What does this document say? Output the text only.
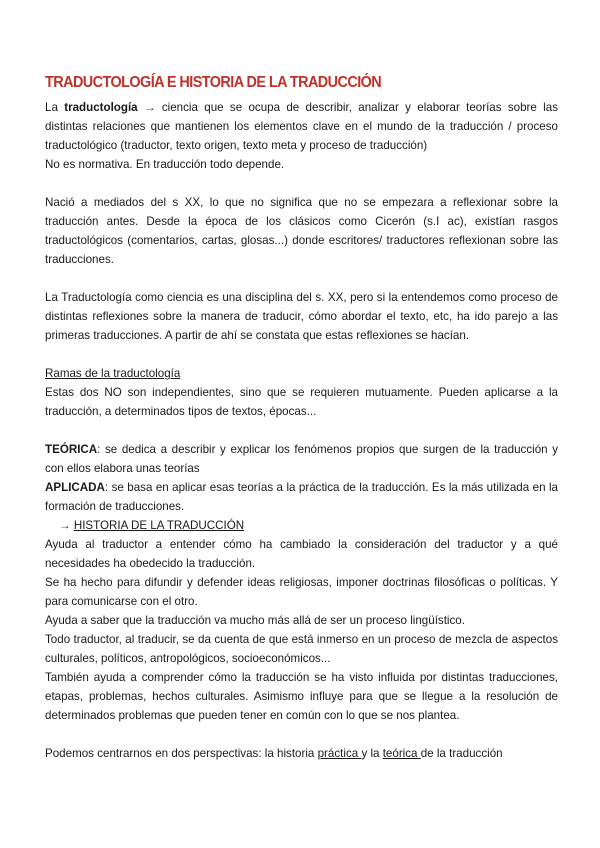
TRADUCTOLOGÍA E HISTORIA DE LA TRADUCCIÓN

La traductología → ciencia que se ocupa de describir, analizar y elaborar teorías sobre las distintas relaciones que mantienen los elementos clave en el mundo de la traducción / proceso traductológico (traductor, texto origen, texto meta y proceso de traducción)

No es normativa. En traducción todo depende.

Nació a mediados del s XX, lo que no significa que no se empezara a reflexionar sobre la traducción antes. Desde la época de los clásicos como Cicerón (s.I ac), existían rasgos traductológicos (comentarios, cartas, glosas...) donde escritores/ traductores reflexionan sobre las traducciones.

La Traductología como ciencia es una disciplina del s. XX, pero si la entendemos como proceso de distintas reflexiones sobre la manera de traducir, cómo abordar el texto, etc, ha ido parejo a las primeras traducciones. A partir de ahí se constata que estas reflexiones se hacían.

Ramas de la traductología

Estas dos NO son independientes, sino que se requieren mutuamente. Pueden aplicarse a la traducción, a determinados tipos de textos, épocas...

TEÓRICA: se dedica a describir y explicar los fenómenos propios que surgen de la traducción y con ellos elabora unas teorías

APLICADA: se basa en aplicar esas teorías a la práctica de la traducción. Es la más utilizada en la formación de traducciones.

→ HISTORIA DE LA TRADUCCIÓN

Ayuda al traductor a entender cómo ha cambiado la consideración del traductor y a qué necesidades ha obedecido la traducción.

Se ha hecho para difundir y defender ideas religiosas, imponer doctrinas filosóficas o políticas. Y para comunicarse con el otro.

Ayuda a saber que la traducción va mucho más allá de ser un proceso lingüístico.

Todo traductor, al traducir, se da cuenta de que está inmerso en un proceso de mezcla de aspectos culturales, políticos, antropológicos, socioeconómicos...

También ayuda a comprender cómo la traducción se ha visto influida por distintas traducciones, etapas, problemas, hechos culturales. Asimismo influye para que se llegue a la resolución de determinados problemas que pueden tener en común con lo que se nos plantea.

Podemos centrarnos en dos perspectivas: la historia práctica y la teórica de la traducción
